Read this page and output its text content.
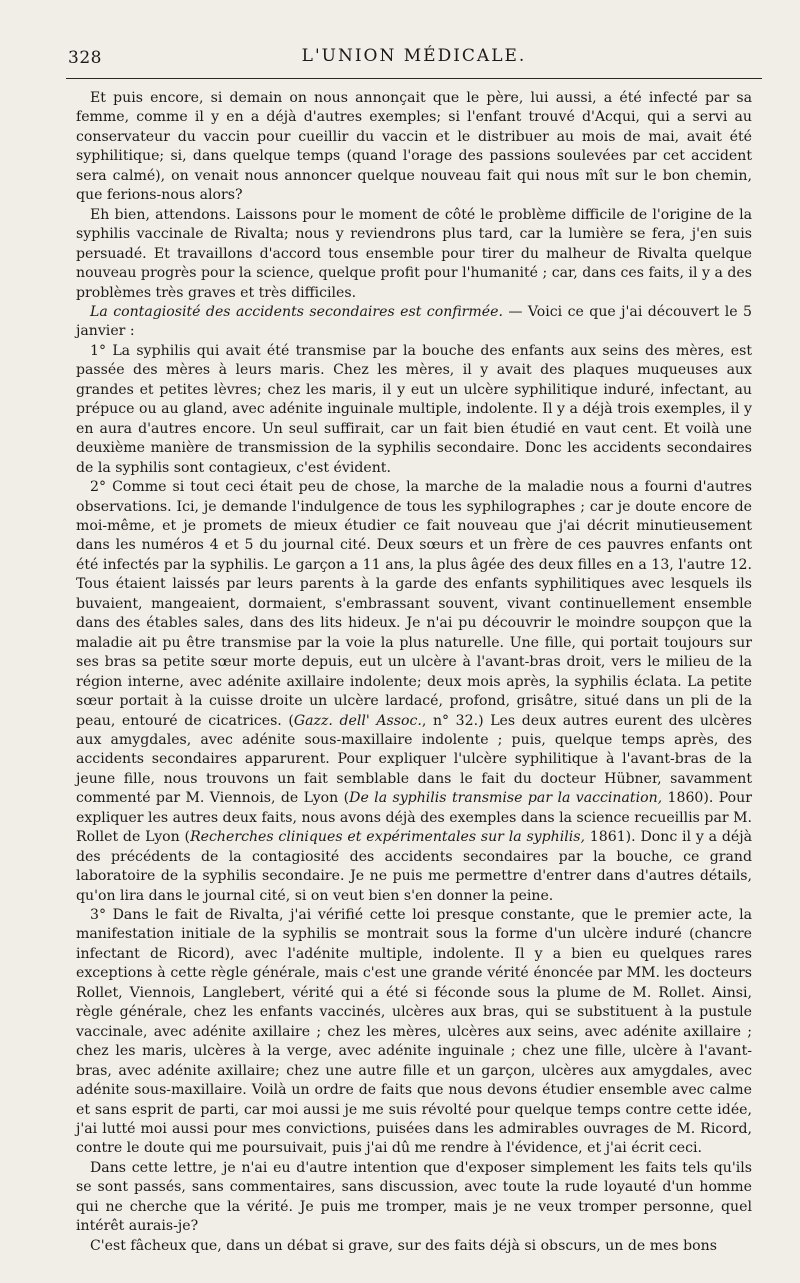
328	L'UNION MÉDICALE.

Et puis encore, si demain on nous annonçait que le père, lui aussi, a été infecté par sa femme, comme il y en a déjà d'autres exemples; si l'enfant trouvé d'Acqui, qui a servi au conservateur du vaccin pour cueillir du vaccin et le distribuer au mois de mai, avait été syphilitique; si, dans quelque temps (quand l'orage des passions soulevées par cet accident sera calmé), on venait nous annoncer quelque nouveau fait qui nous mît sur le bon chemin, que ferions-nous alors?

Eh bien, attendons. Laissons pour le moment de côté le problème difficile de l'origine de la syphilis vaccinale de Rivalta; nous y reviendrons plus tard, car la lumière se fera, j'en suis persuadé. Et travaillons d'accord tous ensemble pour tirer du malheur de Rivalta quelque nouveau progrès pour la science, quelque profit pour l'humanité ; car, dans ces faits, il y a des problèmes très graves et très difficiles.

La contagiosité des accidents secondaires est confirmée. — Voici ce que j'ai découvert le 5 janvier :

1° La syphilis qui avait été transmise par la bouche des enfants aux seins des mères, est passée des mères à leurs maris. Chez les mères, il y avait des plaques muqueuses aux grandes et petites lèvres; chez les maris, il y eut un ulcère syphilitique induré, infectant, au prépuce ou au gland, avec adénite inguinale multiple, indolente. Il y a déjà trois exemples, il y en aura d'autres encore. Un seul suffirait, car un fait bien étudié en vaut cent. Et voilà une deuxième manière de transmission de la syphilis secondaire. Donc les accidents secondaires de la syphilis sont contagieux, c'est évident.

2° Comme si tout ceci était peu de chose, la marche de la maladie nous a fourni d'autres observations. Ici, je demande l'indulgence de tous les syphilographes ; car je doute encore de moi-même, et je promets de mieux étudier ce fait nouveau que j'ai décrit minutieusement dans les numéros 4 et 5 du journal cité. Deux sœurs et un frère de ces pauvres enfants ont été infectés par la syphilis. Le garçon a 11 ans, la plus âgée des deux filles en a 13, l'autre 12. Tous étaient laissés par leurs parents à la garde des enfants syphilitiques avec lesquels ils buvaient, mangeaient, dormaient, s'embrassant souvent, vivant continuellement ensemble dans des étables sales, dans des lits hideux. Je n'ai pu découvrir le moindre soupçon que la maladie ait pu être transmise par la voie la plus naturelle. Une fille, qui portait toujours sur ses bras sa petite sœur morte depuis, eut un ulcère à l'avant-bras droit, vers le milieu de la région interne, avec adénite axillaire indolente; deux mois après, la syphilis éclata. La petite sœur portait à la cuisse droite un ulcère lardacé, profond, grisâtre, situé dans un pli de la peau, entouré de cicatrices. (Gazz. dell' Assoc., n° 32.) Les deux autres eurent des ulcères aux amygdales, avec adénite sous-maxillaire indolente ; puis, quelque temps après, des accidents secondaires apparurent. Pour expliquer l'ulcère syphilitique à l'avant-bras de la jeune fille, nous trouvons un fait semblable dans le fait du docteur Hübner, savamment commenté par M. Viennois, de Lyon (De la syphilis transmise par la vaccination, 1860). Pour expliquer les autres deux faits, nous avons déjà des exemples dans la science recueillis par M. Rollet de Lyon (Recherches cliniques et expérimentales sur la syphilis, 1861). Donc il y a déjà des précédents de la contagiosité des accidents secondaires par la bouche, ce grand laboratoire de la syphilis secondaire. Je ne puis me permettre d'entrer dans d'autres détails, qu'on lira dans le journal cité, si on veut bien s'en donner la peine.

3° Dans le fait de Rivalta, j'ai vérifié cette loi presque constante, que le premier acte, la manifestation initiale de la syphilis se montrait sous la forme d'un ulcère induré (chancre infectant de Ricord), avec l'adénite multiple, indolente. Il y a bien eu quelques rares exceptions à cette règle générale, mais c'est une grande vérité énoncée par MM. les docteurs Rollet, Viennois, Langlebert, vérité qui a été si féconde sous la plume de M. Rollet. Ainsi, règle générale, chez les enfants vaccinés, ulcères aux bras, qui se substituent à la pustule vaccinale, avec adénite axillaire ; chez les mères, ulcères aux seins, avec adénite axillaire ; chez les maris, ulcères à la verge, avec adénite inguinale ; chez une fille, ulcère à l'avant-bras, avec adénite axillaire; chez une autre fille et un garçon, ulcères aux amygdales, avec adénite sous-maxillaire. Voilà un ordre de faits que nous devons étudier ensemble avec calme et sans esprit de parti, car moi aussi je me suis révolté pour quelque temps contre cette idée, j'ai lutté moi aussi pour mes convictions, puisées dans les admirables ouvrages de M. Ricord, contre le doute qui me poursuivait, puis j'ai dû me rendre à l'évidence, et j'ai écrit ceci.

Dans cette lettre, je n'ai eu d'autre intention que d'exposer simplement les faits tels qu'ils se sont passés, sans commentaires, sans discussion, avec toute la rude loyauté d'un homme qui ne cherche que la vérité. Je puis me tromper, mais je ne veux tromper personne, quel intérêt aurais-je?

C'est fâcheux que, dans un débat si grave, sur des faits déjà si obscurs, un de mes bons
